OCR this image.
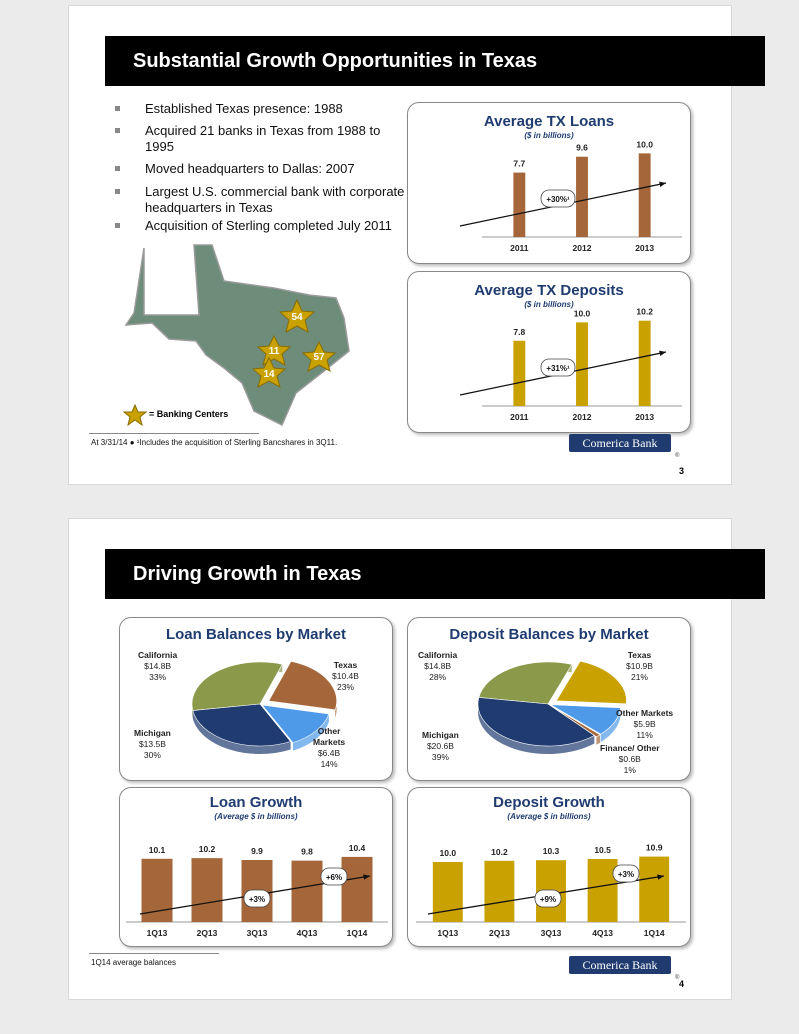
Substantial Growth Opportunities in Texas
Established Texas presence: 1988
Acquired 21 banks in Texas from 1988 to 1995
Moved headquarters to Dallas: 2007
Largest U.S. commercial bank with corporate headquarters in Texas
Acquisition of Sterling completed July 2011
54
11
57
14
= Banking Centers
Average TX Loans
($ in billions)
7.7
2011
9.6
2012
10.0
2013
+30%¹
Average TX Deposits
($ in billions)
7.8
2011
10.0
2012
10.2
2013
+31%¹
At 3/31/14 ● ¹Includes the acquisition of Sterling Bancshares in 3Q11.	Comerica Bank
®
3
Driving Growth in Texas
Loan Balances by Market
California
$14.8B
33%
Texas
$10.4B
23%
Michigan
$13.5B
30%
Other
Markets
$6.4B
14%
Deposit Balances by Market
California
$14.8B
28%
Texas
$10.9B
21%
Michigan
$20.6B
39%
Other Markets
$5.9B
11%
Finance/ Other
$0.6B
1%
Loan Growth
(Average $ in billions)
10.1
1Q13
10.2
2Q13
9.9
3Q13
9.8
4Q13
10.4
1Q14
+3%
+6%
Deposit Growth
(Average $ in billions)
10.0
1Q13
10.2
2Q13
10.3
3Q13
10.5
4Q13
10.9
1Q14
+9%
+3%
1Q14 average balances	Comerica Bank
®
4
